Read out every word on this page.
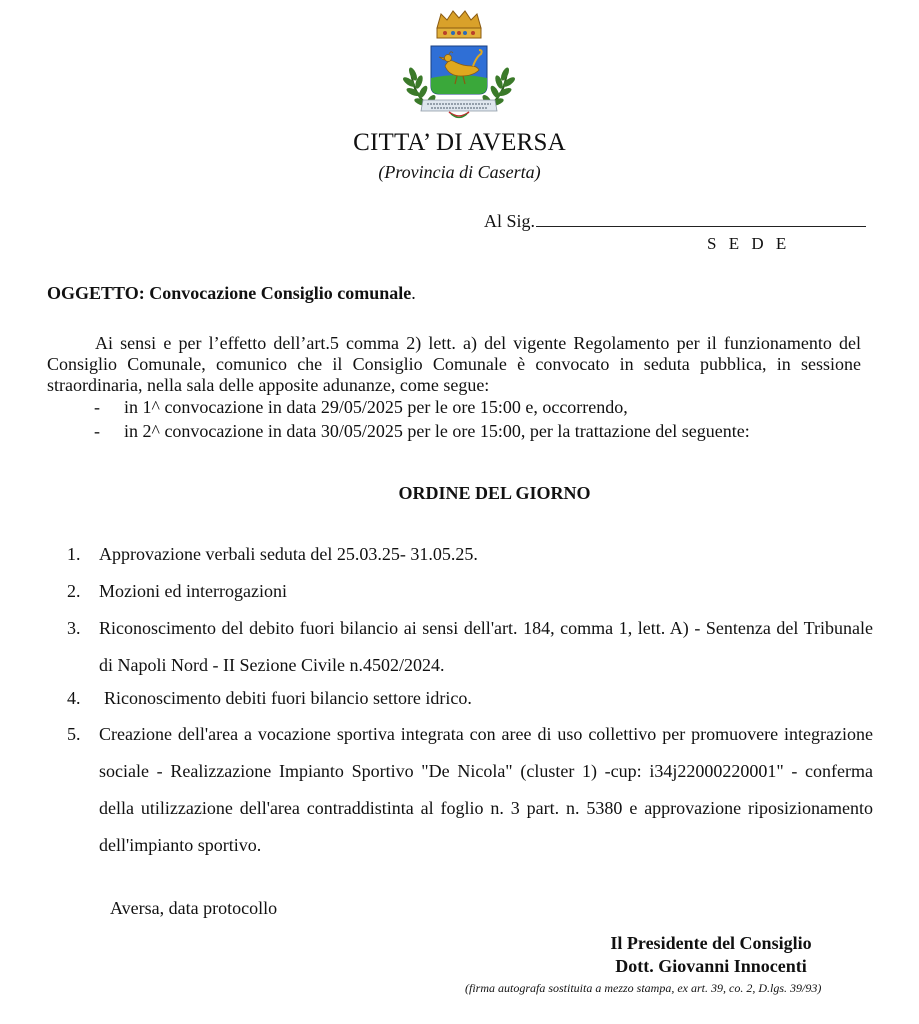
CITTA’ DI AVERSA
(Provincia di Caserta)
Al Sig.
S E D E
OGGETTO: Convocazione Consiglio comunale.
Ai sensi e per l’effetto dell’art.5 comma 2) lett. a) del vigente Regolamento per il funzionamento del Consiglio Comunale, comunico che il Consiglio Comunale è convocato in seduta pubblica, in sessione straordinaria, nella sala delle apposite adunanze, come segue:
- in 1^ convocazione in data 29/05/2025 per le ore 15:00 e, occorrendo,
- in 2^ convocazione in data 30/05/2025 per le ore 15:00, per la trattazione del seguente:
ORDINE DEL GIORNO
1. Approvazione verbali seduta del 25.03.25- 31.05.25.
2. Mozioni ed interrogazioni
3. Riconoscimento del debito fuori bilancio ai sensi dell'art. 184, comma 1, lett. A) - Sentenza del Tribunale di Napoli Nord - II Sezione Civile n.4502/2024.
4. Riconoscimento debiti fuori bilancio settore idrico.
5. Creazione dell'area a vocazione sportiva integrata con aree di uso collettivo per promuovere integrazione sociale - Realizzazione Impianto Sportivo "De Nicola" (cluster 1) -cup: i34j22000220001" - conferma della utilizzazione dell'area contraddistinta al foglio n. 3 part. n. 5380 e approvazione riposizionamento dell'impianto sportivo.
Aversa, data protocollo
Il Presidente del Consiglio
Dott. Giovanni Innocenti
(firma autografa sostituita a mezzo stampa, ex art. 39, co. 2, D.lgs. 39/93)
